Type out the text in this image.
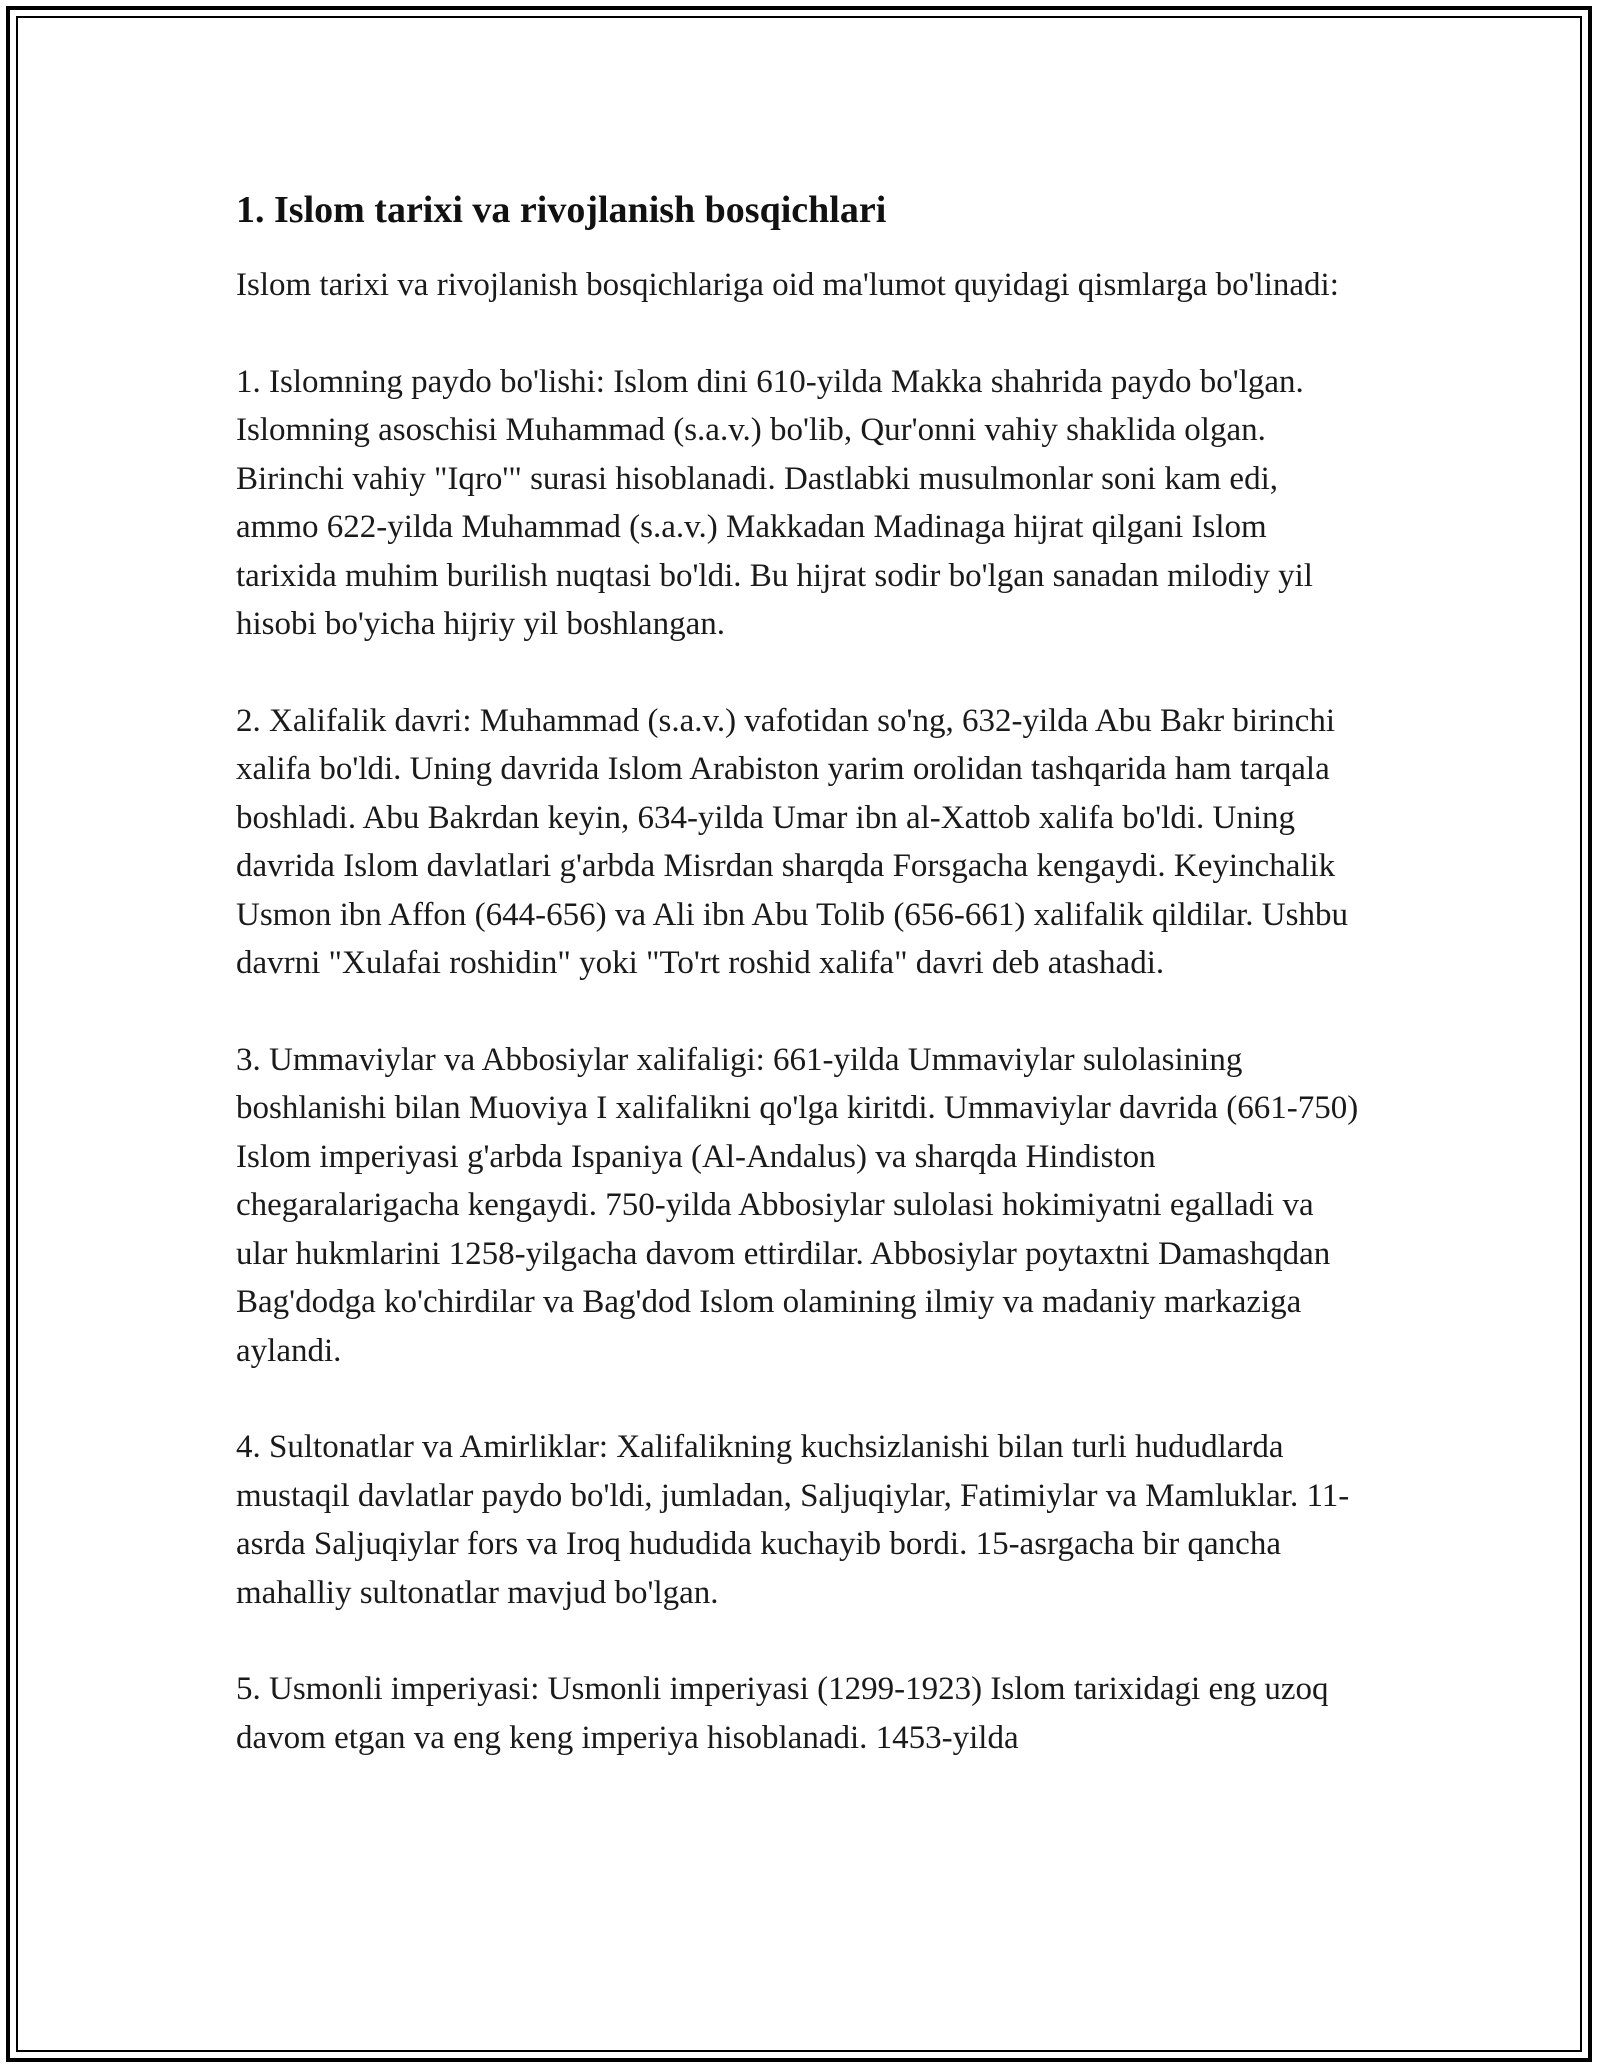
1. Islom tarixi va rivojlanish bosqichlari

Islom tarixi va rivojlanish bosqichlariga oid ma'lumot quyidagi qismlarga bo'linadi:

1. Islomning paydo bo'lishi: Islom dini 610-yilda Makka shahrida paydo bo'lgan. Islomning asoschisi Muhammad (s.a.v.) bo'lib, Qur'onni vahiy shaklida olgan. Birinchi vahiy "Iqro'" surasi hisoblanadi. Dastlabki musulmonlar soni kam edi, ammo 622-yilda Muhammad (s.a.v.) Makkadan Madinaga hijrat qilgani Islom tarixida muhim burilish nuqtasi bo'ldi. Bu hijrat sodir bo'lgan sanadan milodiy yil hisobi bo'yicha hijriy yil boshlangan.

2. Xalifalik davri: Muhammad (s.a.v.) vafotidan so'ng, 632-yilda Abu Bakr birinchi xalifa bo'ldi. Uning davrida Islom Arabiston yarim orolidan tashqarida ham tarqala boshladi. Abu Bakrdan keyin, 634-yilda Umar ibn al-Xattob xalifa bo'ldi. Uning davrida Islom davlatlari g'arbda Misrdan sharqda Forsgacha kengaydi. Keyinchalik Usmon ibn Affon (644-656) va Ali ibn Abu Tolib (656-661) xalifalik qildilar. Ushbu davrni "Xulafai roshidin" yoki "To'rt roshid xalifa" davri deb atashadi.

3. Ummaviylar va Abbosiylar xalifaligi: 661-yilda Ummaviylar sulolasining boshlanishi bilan Muoviya I xalifalikni qo'lga kiritdi. Ummaviylar davrida (661-750) Islom imperiyasi g'arbda Ispaniya (Al-Andalus) va sharqda Hindiston chegaralarigacha kengaydi. 750-yilda Abbosiylar sulolasi hokimiyatni egalladi va ular hukmlarini 1258-yilgacha davom ettirdilar. Abbosiylar poytaxtni Damashqdan Bag'dodga ko'chirdilar va Bag'dod Islom olamining ilmiy va madaniy markaziga aylandi.

4. Sultonatlar va Amirliklar: Xalifalikning kuchsizlanishi bilan turli hududlarda mustaqil davlatlar paydo bo'ldi, jumladan, Saljuqiylar, Fatimiylar va Mamluklar. 11-asrda Saljuqiylar fors va Iroq hududida kuchayib bordi. 15-asrgacha bir qancha mahalliy sultonatlar mavjud bo'lgan.

5. Usmonli imperiyasi: Usmonli imperiyasi (1299-1923) Islom tarixidagi eng uzoq davom etgan va eng keng imperiya hisoblanadi. 1453-yilda
